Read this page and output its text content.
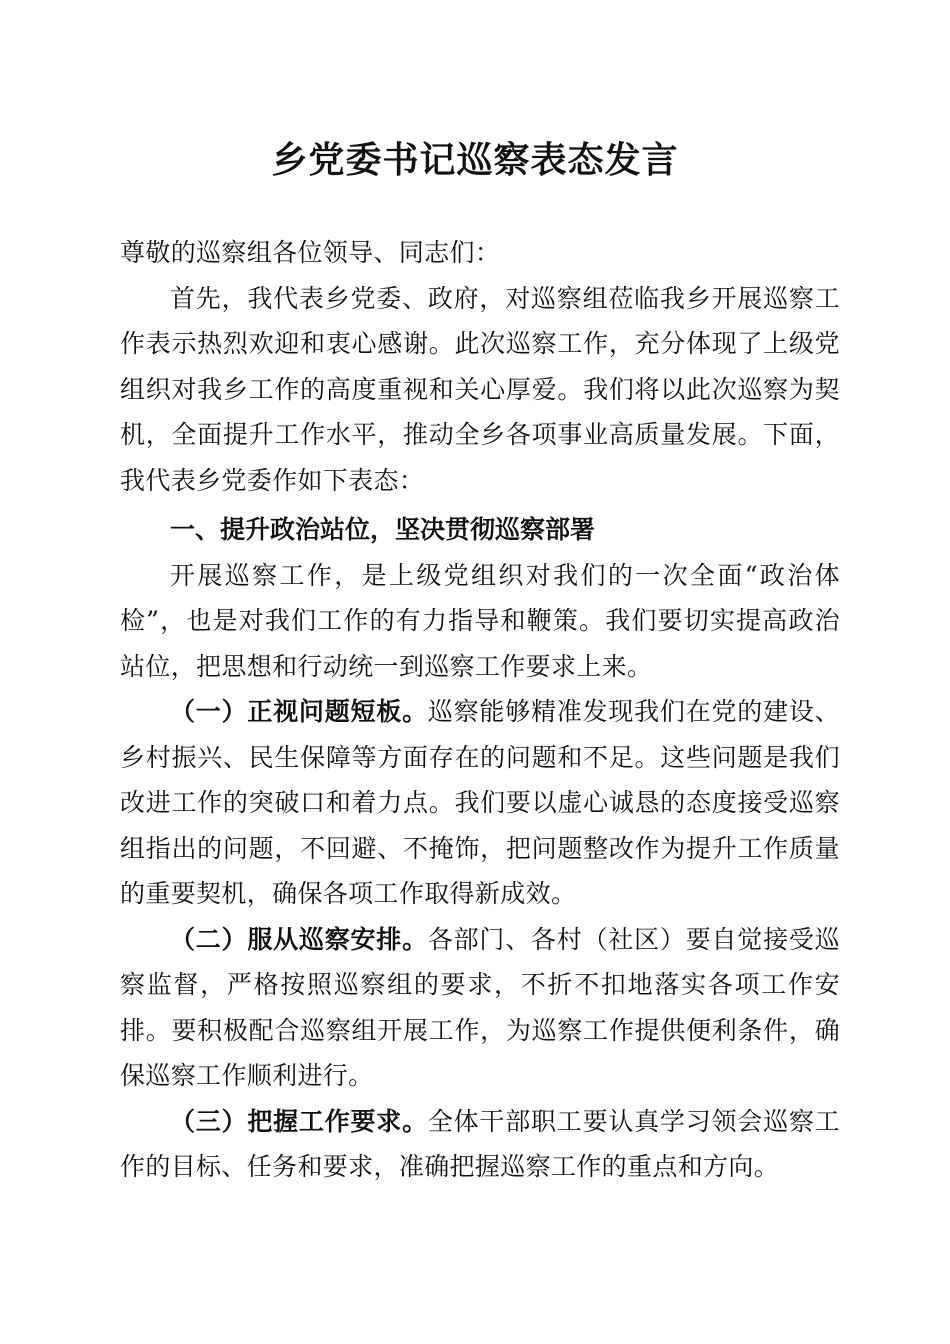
乡党委书记巡察表态发言

尊敬的巡察组各位领导、同志们：

首先，我代表乡党委、政府，对巡察组莅临我乡开展巡察工作表示热烈欢迎和衷心感谢。此次巡察工作，充分体现了上级党组织对我乡工作的高度重视和关心厚爱。我们将以此次巡察为契机，全面提升工作水平，推动全乡各项事业高质量发展。下面，我代表乡党委作如下表态：

一、提升政治站位，坚决贯彻巡察部署

开展巡察工作，是上级党组织对我们的一次全面“政治体检”，也是对我们工作的有力指导和鞭策。我们要切实提高政治站位，把思想和行动统一到巡察工作要求上来。

（一）正视问题短板。巡察能够精准发现我们在党的建设、乡村振兴、民生保障等方面存在的问题和不足。这些问题是我们改进工作的突破口和着力点。我们要以虚心诚恳的态度接受巡察组指出的问题，不回避、不掩饰，把问题整改作为提升工作质量的重要契机，确保各项工作取得新成效。

（二）服从巡察安排。各部门、各村（社区）要自觉接受巡察监督，严格按照巡察组的要求，不折不扣地落实各项工作安排。要积极配合巡察组开展工作，为巡察工作提供便利条件，确保巡察工作顺利进行。

（三）把握工作要求。全体干部职工要认真学习领会巡察工作的目标、任务和要求，准确把握巡察工作的重点和方向。
